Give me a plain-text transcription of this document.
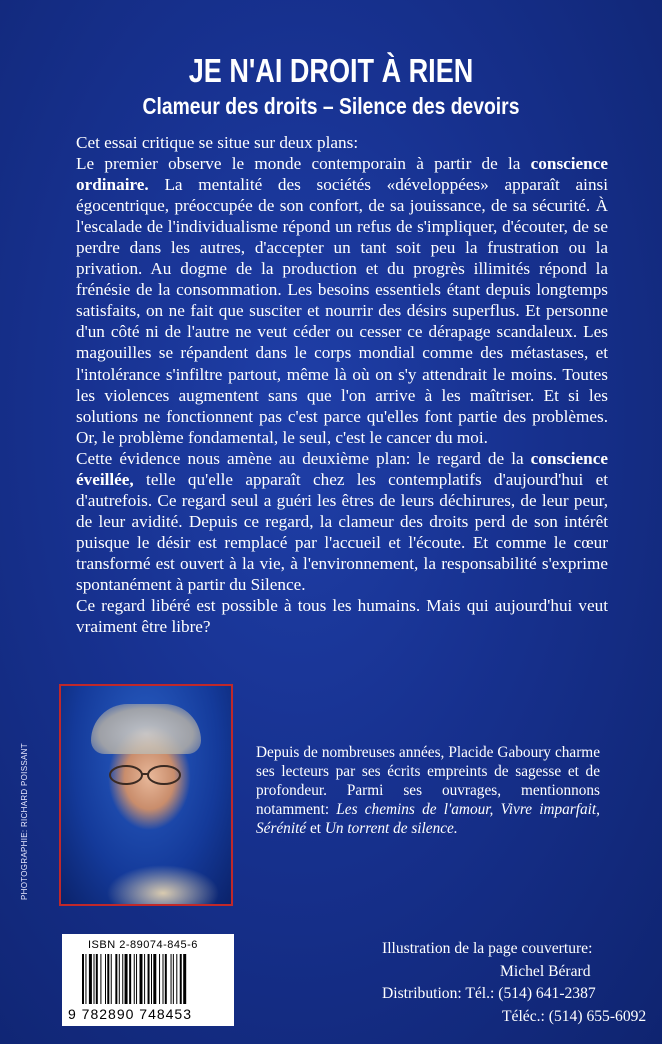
JE N'AI DROIT À RIEN
Clameur des droits – Silence des devoirs

Cet essai critique se situe sur deux plans:

Le premier observe le monde contemporain à partir de la conscience ordinaire. La mentalité des sociétés «développées» apparaît ainsi égocentrique, préoccupée de son confort, de sa jouissance, de sa sécurité. À l'escalade de l'individualisme répond un refus de s'impliquer, d'écouter, de se perdre dans les autres, d'accepter un tant soit peu la frustration ou la privation. Au dogme de la production et du progrès illimités répond la frénésie de la consommation. Les besoins essentiels étant depuis longtemps satisfaits, on ne fait que susciter et nourrir des désirs superflus. Et personne d'un côté ni de l'autre ne veut céder ou cesser ce dérapage scandaleux. Les magouilles se répandent dans le corps mondial comme des métastases, et l'intolérance s'infiltre partout, même là où on s'y attendrait le moins. Toutes les violences augmentent sans que l'on arrive à les maîtriser. Et si les solutions ne fonctionnent pas c'est parce qu'elles font partie des problèmes. Or, le problème fondamental, le seul, c'est le cancer du moi.

Cette évidence nous amène au deuxième plan: le regard de la conscience éveillée, telle qu'elle apparaît chez les contemplatifs d'aujourd'hui et d'autrefois. Ce regard seul a guéri les êtres de leurs déchirures, de leur peur, de leur avidité. Depuis ce regard, la clameur des droits perd de son intérêt puisque le désir est remplacé par l'accueil et l'écoute. Et comme le cœur transformé est ouvert à la vie, à l'environnement, la responsabilité s'exprime spontanément à partir du Silence.

Ce regard libéré est possible à tous les humains. Mais qui aujourd'hui veut vraiment être libre?

PHOTOGRAPHIE: RICHARD POISSANT	Depuis de nombreuses années, Placide Gaboury charme ses lecteurs par ses écrits empreints de sagesse et de profondeur. Parmi ses ouvrages, mentionnons notamment: Les chemins de l'amour, Vivre imparfait, Sérénité et Un torrent de silence.
ISBN 2-89074-845-6
9 782890 748453
Illustration de la page couverture:
Michel Bérard
Distribution: Tél.: (514) 641-2387
Téléc.: (514) 655-6092
